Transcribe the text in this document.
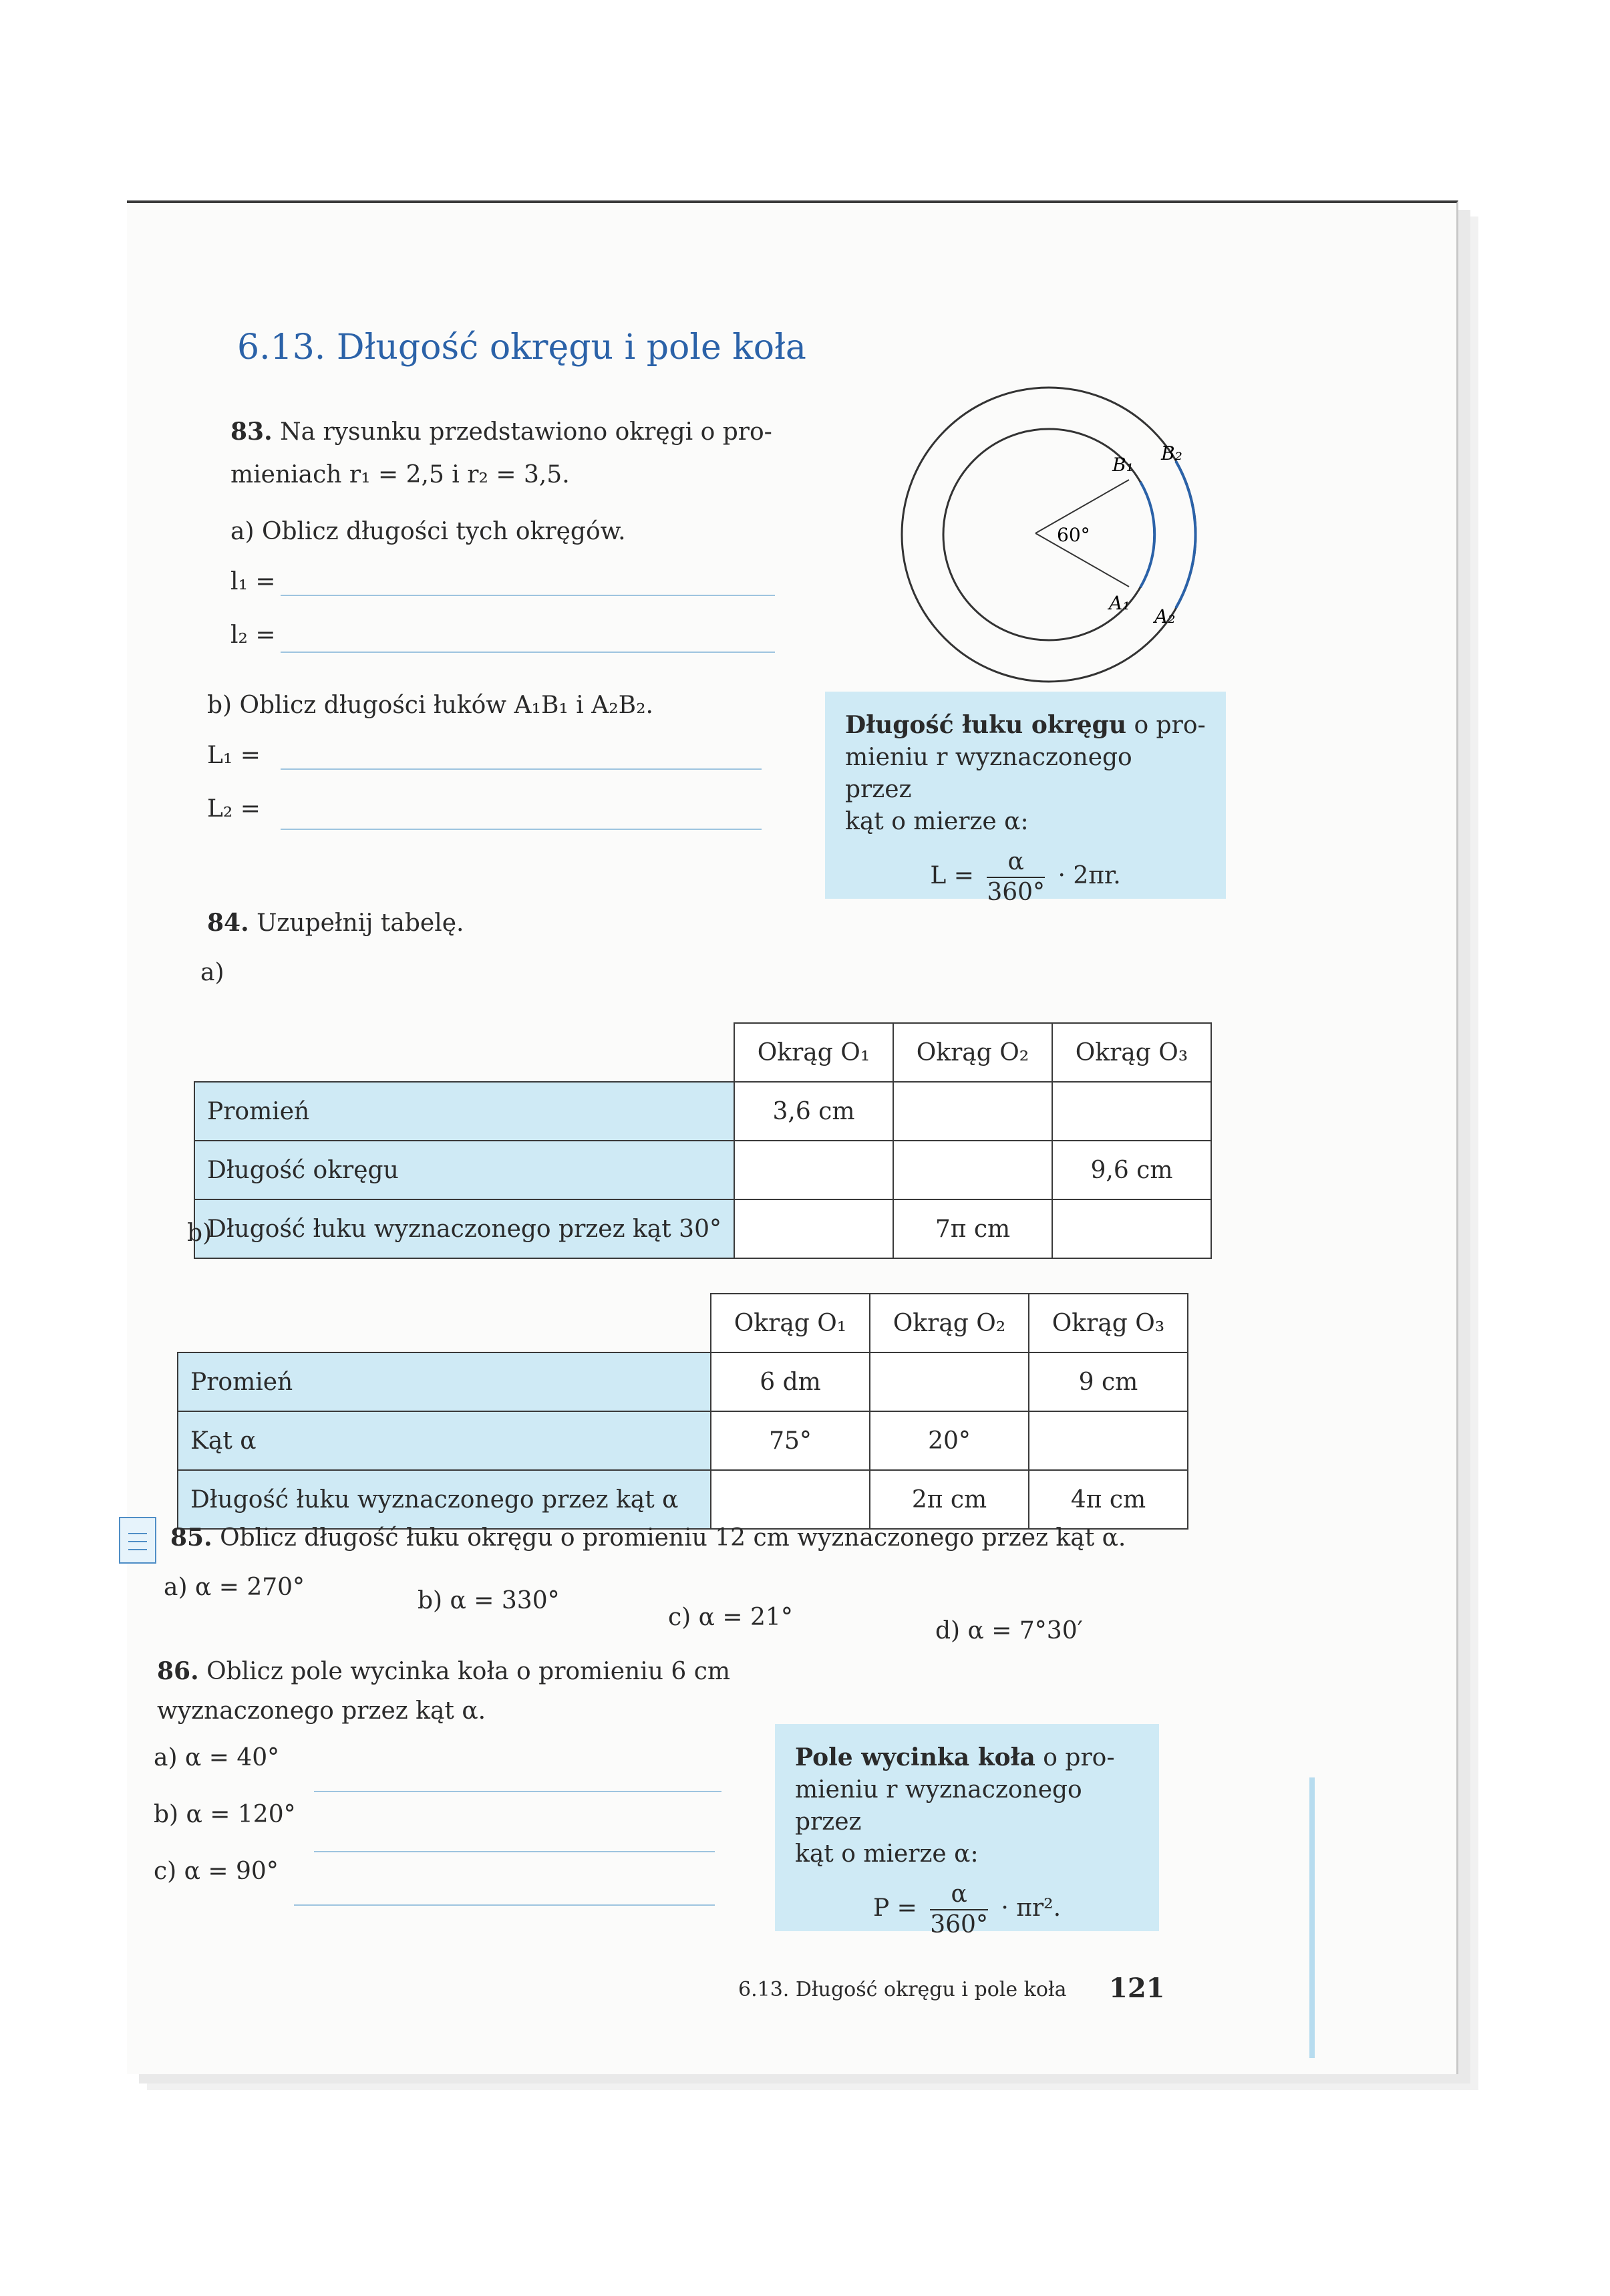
6.13. Długość okręgu i pole koła
83. Na rysunku przedstawiono okręgi o pro-
mieniach r₁ = 2,5 i r₂ = 3,5.
a) Oblicz długości tych okręgów.
l₁ =
l₂ =
b) Oblicz długości łuków A₁B₁ i A₂B₂.
L₁ =
L₂ =
60°
B₁
B₂
A₁
A₂
Długość łuku okręgu o pro-
mieniu r wyznaczonego przez
kąt o mierze α:
$L = \frac{\alpha}{360^\circ} \cdot 2\pi r$.
84. Uzupełnij tabelę.
a)
	Okrąg O₁	Okrąg O₂	Okrąg O₃
Promień	3,6 cm		
Długość okręgu			9,6 cm
Długość łuku wyznaczonego przez kąt 30°		7π cm	
b)
	Okrąg O₁	Okrąg O₂	Okrąg O₃
Promień	6 dm		9 cm
Kąt α	75°	20°	
Długość łuku wyznaczonego przez kąt α		2π cm	4π cm
85. Oblicz długość łuku okręgu o promieniu 12 cm wyznaczonego przez kąt α.
a) α = 270°	b) α = 330°
c) α = 21°	d) α = 7°30′
86. Oblicz pole wycinka koła o promieniu 6 cm
wyznaczonego przez kąt α.
a) α = 40°
b) α = 120°
c) α = 90°
Pole wycinka koła o pro-
mieniu r wyznaczonego przez
kąt o mierze α:
$P = \frac{\alpha}{360^\circ} \cdot \pi r^2$.
6.13. Długość okręgu i pole koła 121
